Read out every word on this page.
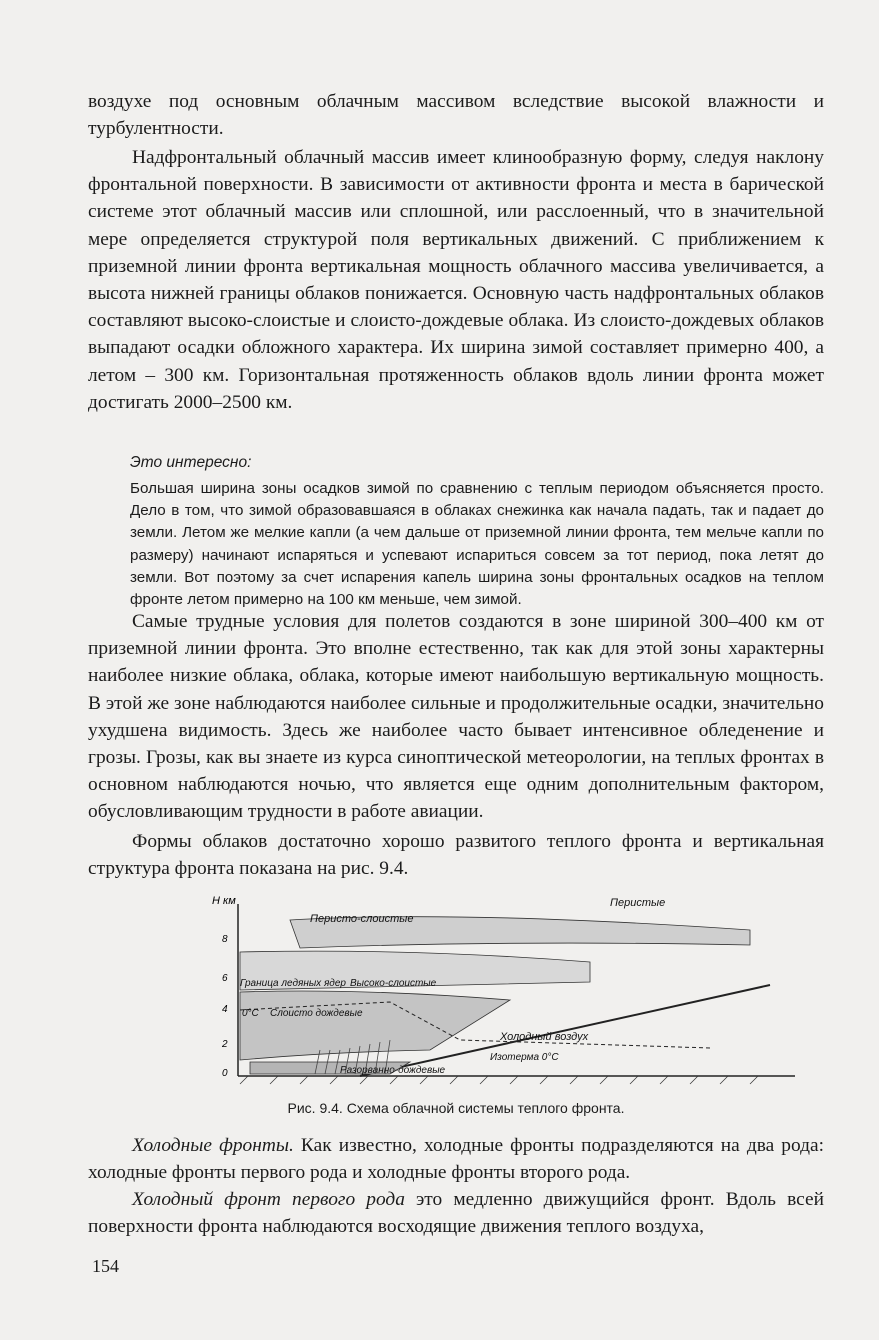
воздухе под основным облачным массивом вследствие высокой влажности и турбулентности.

Надфронтальный облачный массив имеет клинообразную форму, следуя наклону фронтальной поверхности. В зависимости от активности фронта и места в барической системе этот облачный массив или сплошной, или расслоенный, что в значительной мере определяется структурой поля вертикальных движений. С приближением к приземной линии фронта вертикальная мощность облачного массива увеличивается, а высота нижней границы облаков понижается. Основную часть надфронтальных облаков составляют высоко-слоистые и слоисто-дождевые облака. Из слоисто-дождевых облаков выпадают осадки обложного характера. Их ширина зимой составляет примерно 400, а летом – 300 км. Горизонтальная протяженность облаков вдоль линии фронта может достигать 2000–2500 км.

Это интересно:

Большая ширина зоны осадков зимой по сравнению с теплым периодом объясняется просто. Дело в том, что зимой образовавшаяся в облаках снежинка как начала падать, так и падает до земли. Летом же мелкие капли (а чем дальше от приземной линии фронта, тем мельче капли по размеру) начинают испаряться и успевают испариться совсем за тот период, пока летят до земли. Вот поэтому за счет испарения капель ширина зоны фронтальных осадков на теплом фронте летом примерно на 100 км меньше, чем зимой.

Самые трудные условия для полетов создаются в зоне шириной 300–400 км от приземной линии фронта. Это вполне естественно, так как для этой зоны характерны наиболее низкие облака, облака, которые имеют наибольшую вертикальную мощность. В этой же зоне наблюдаются наиболее сильные и продолжительные осадки, значительно ухудшена видимость. Здесь же наиболее часто бывает интенсивное обледенение и грозы. Грозы, как вы знаете из курса синоптической метеорологии, на теплых фронтах в основном наблюдаются ночью, что является еще одним дополнительным фактором, обусловливающим трудности в работе авиации.

Формы облаков достаточно хорошо развитого теплого фронта и вертикальная структура фронта показана на рис. 9.4.

H км
8
6
4
2
0
Перисто-слоистые
Перистые
Граница ледяных ядер Высоко-слоистые
0°C Слоисто дождевые
Холодный воздух
Изотерма 0°С
Разорванно-дождевые
Рис. 9.4. Схема облачной системы теплого фронта.

Холодные фронты. Как известно, холодные фронты подразделяются на два рода: холодные фронты первого рода и холодные фронты второго рода.

Холодный фронт первого рода это медленно движущийся фронт. Вдоль всей поверхности фронта наблюдаются восходящие движения теплого воздуха,

154
